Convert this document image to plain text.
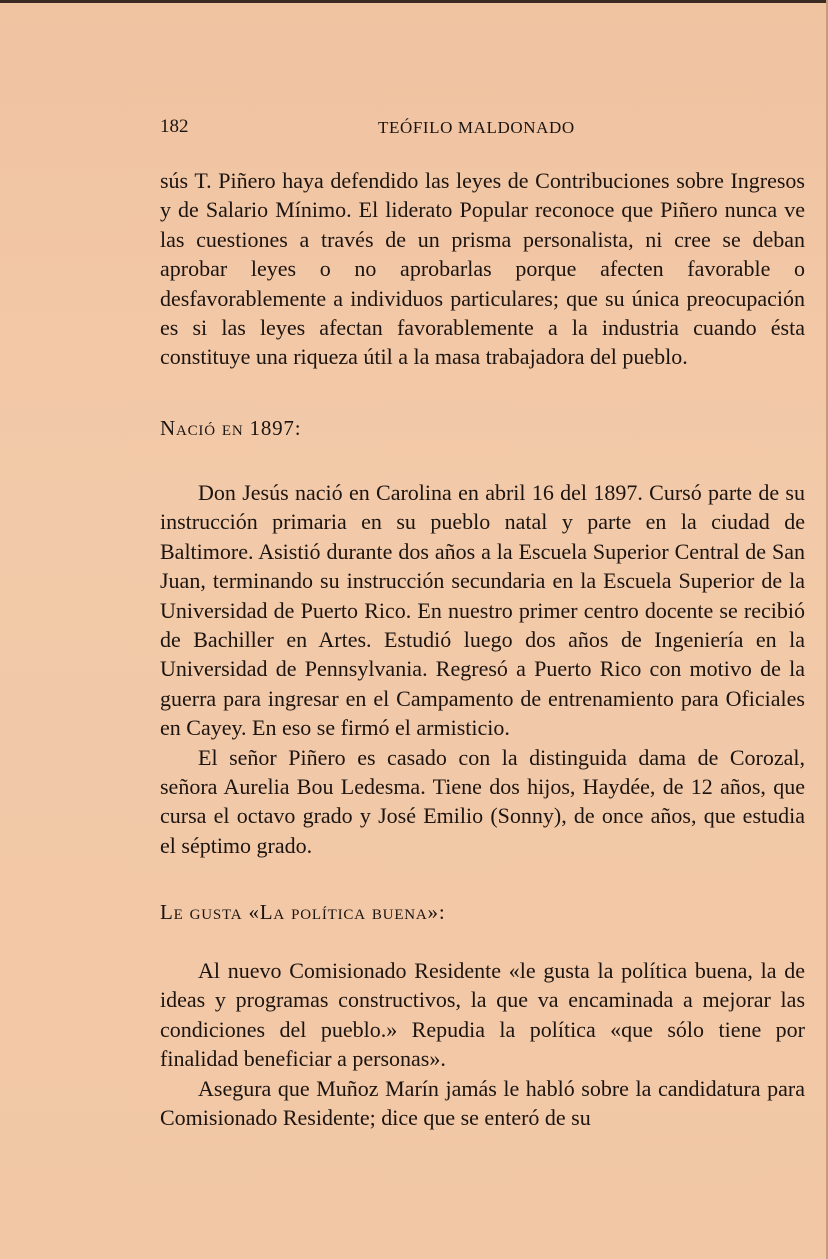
182	TEÓFILO MALDONADO

sús T. Piñero haya defendido las leyes de Contribuciones sobre Ingresos y de Salario Mínimo. El liderato Popular reconoce que Piñero nunca ve las cuestiones a través de un prisma personalista, ni cree se deban aprobar leyes o no aprobarlas porque afecten favorable o desfavorablemente a individuos particulares; que su única preocupación es si las leyes afectan favorablemente a la industria cuando ésta constituye una riqueza útil a la masa trabajadora del pueblo.

Nació en 1897:

Don Jesús nació en Carolina en abril 16 del 1897. Cursó parte de su instrucción primaria en su pueblo natal y parte en la ciudad de Baltimore. Asistió durante dos años a la Escuela Superior Central de San Juan, terminando su instrucción secundaria en la Escuela Superior de la Universidad de Puerto Rico. En nuestro primer centro docente se recibió de Bachiller en Artes. Estudió luego dos años de Ingeniería en la Universidad de Pennsylvania. Regresó a Puerto Rico con motivo de la guerra para ingresar en el Campamento de entrenamiento para Oficiales en Cayey. En eso se firmó el armisticio.

El señor Piñero es casado con la distinguida dama de Corozal, señora Aurelia Bou Ledesma. Tiene dos hijos, Haydée, de 12 años, que cursa el octavo grado y José Emilio (Sonny), de once años, que estudia el séptimo grado.

Le gusta «La política buena»:

Al nuevo Comisionado Residente «le gusta la política buena, la de ideas y programas constructivos, la que va encaminada a mejorar las condiciones del pueblo.» Repudia la política «que sólo tiene por finalidad beneficiar a personas».

Asegura que Muñoz Marín jamás le habló sobre la candidatura para Comisionado Residente; dice que se enteró de su
